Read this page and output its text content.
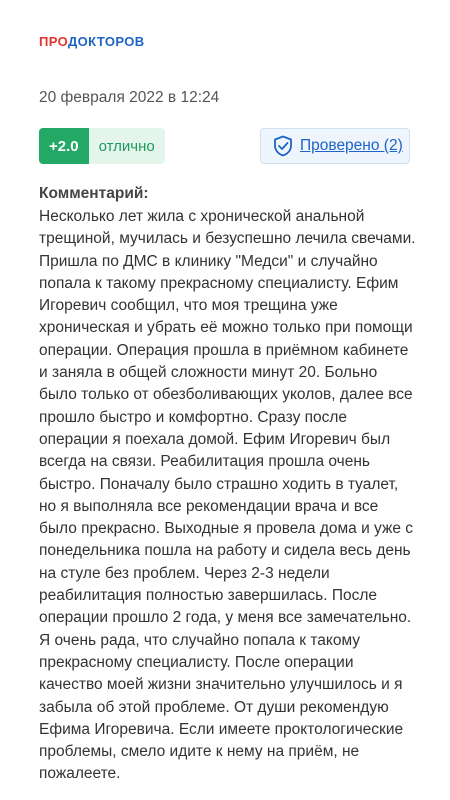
ПРОДОКТОРОВ
20 февраля 2022 в 12:24
+2.0	отлично	Проверено (2)
Комментарий:

Несколько лет жила с хронической анальной трещиной, мучилась и безуспешно лечила свечами. Пришла по ДМС в клинику "Медси" и случайно попала к такому прекрасному специалисту. Ефим Игоревич сообщил, что моя трещина уже хроническая и убрать её можно только при помощи операции. Операция прошла в приёмном кабинете и заняла в общей сложности минут 20. Больно было только от обезболивающих уколов, далее все прошло быстро и комфортно. Сразу после операции я поехала домой. Ефим Игоревич был всегда на связи. Реабилитация прошла очень быстро. Поначалу было страшно ходить в туалет, но я выполняла все рекомендации врача и все было прекрасно. Выходные я провела дома и уже с понедельника пошла на работу и сидела весь день на стуле без проблем. Через 2-3 недели реабилитация полностью завершилась. После операции прошло 2 года, у меня все замечательно. Я очень рада, что случайно попала к такому прекрасному специалисту. После операции качество моей жизни значительно улучшилось и я забыла об этой проблеме. От души рекомендую Ефима Игоревича. Если имеете проктологические проблемы, смело идите к нему на приём, не пожалеете.
